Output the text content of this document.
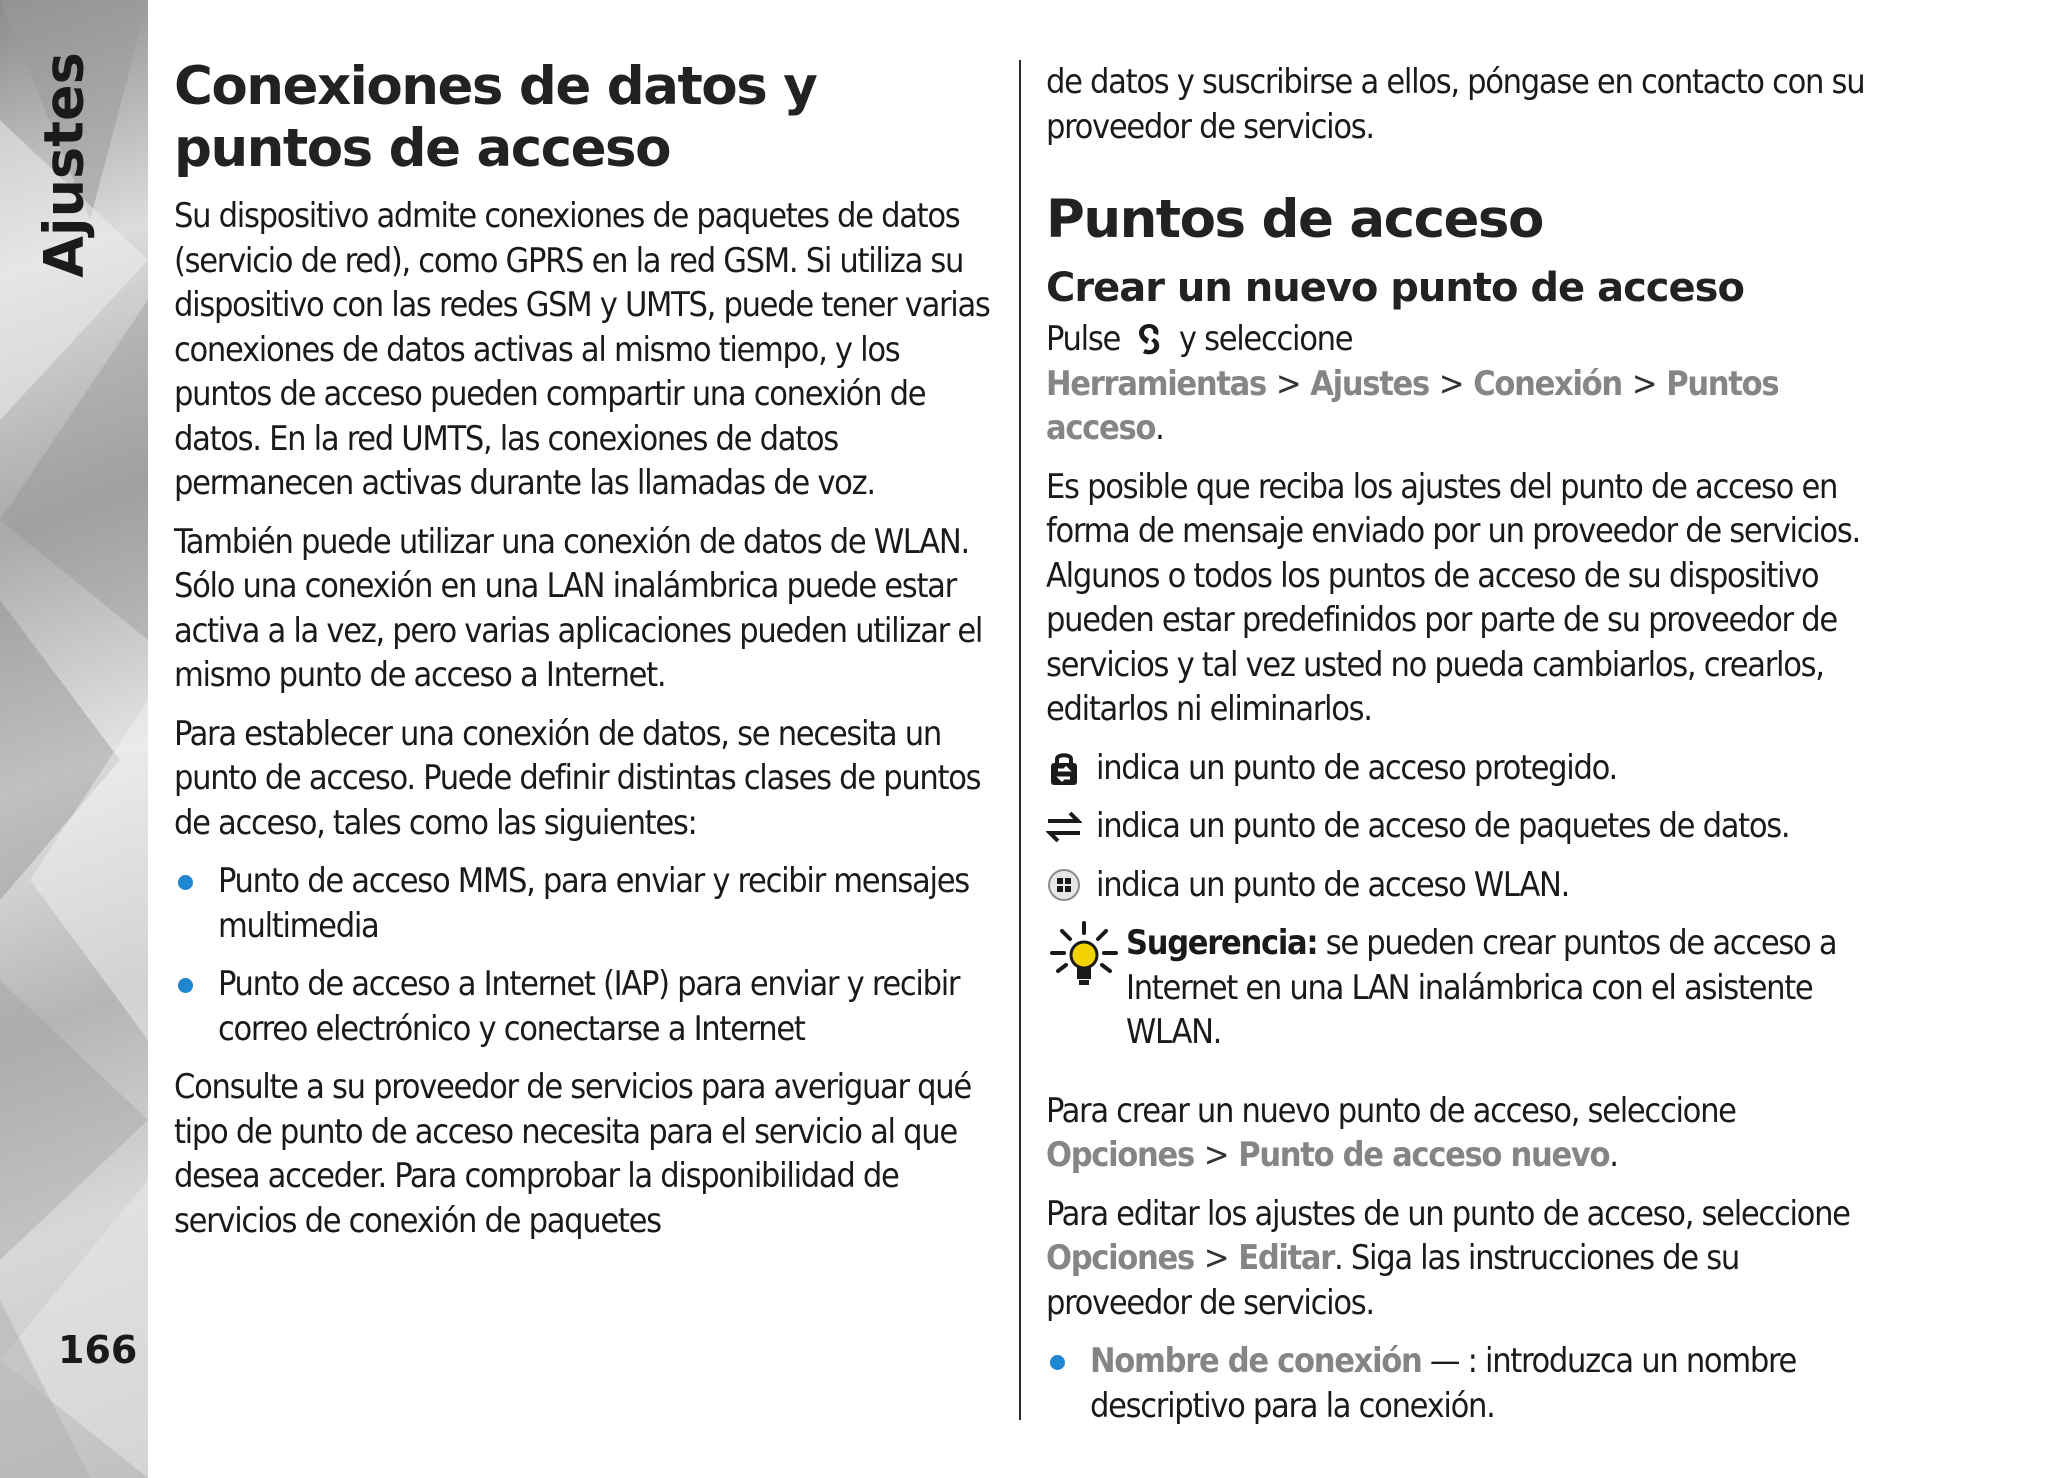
Ajustes
166
Conexiones de datos y puntos de acceso

Su dispositivo admite conexiones de paquetes de datos (servicio de red), como GPRS en la red GSM. Si utiliza su dispositivo con las redes GSM y UMTS, puede tener varias conexiones de datos activas al mismo tiempo, y los puntos de acceso pueden compartir una conexión de datos. En la red UMTS, las conexiones de datos permanecen activas durante las llamadas de voz.

También puede utilizar una conexión de datos de WLAN. Sólo una conexión en una LAN inalámbrica puede estar activa a la vez, pero varias aplicaciones pueden utilizar el mismo punto de acceso a Internet.

Para establecer una conexión de datos, se necesita un punto de acceso. Puede definir distintas clases de puntos de acceso, tales como las siguientes:

Punto de acceso MMS, para enviar y recibir mensajes multimedia
Punto de acceso a Internet (IAP) para enviar y recibir correo electrónico y conectarse a Internet

Consulte a su proveedor de servicios para averiguar qué tipo de punto de acceso necesita para el servicio al que desea acceder. Para comprobar la disponibilidad de servicios de conexión de paquetes

de datos y suscribirse a ellos, póngase en contacto con su proveedor de servicios.

Puntos de acceso
Crear un nuevo punto de acceso

Pulse y seleccione Herramientas > Ajustes > Conexión > Puntos acceso.

Es posible que reciba los ajustes del punto de acceso en forma de mensaje enviado por un proveedor de servicios. Algunos o todos los puntos de acceso de su dispositivo pueden estar predefinidos por parte de su proveedor de servicios y tal vez usted no pueda cambiarlos, crearlos, editarlos ni eliminarlos.

indica un punto de acceso protegido.
indica un punto de acceso de paquetes de datos.
indica un punto de acceso WLAN.

Sugerencia: se pueden crear puntos de acceso a Internet en una LAN inalámbrica con el asistente WLAN.

Para crear un nuevo punto de acceso, seleccione Opciones > Punto de acceso nuevo.

Para editar los ajustes de un punto de acceso, seleccione Opciones > Editar. Siga las instrucciones de su proveedor de servicios.

Nombre de conexión — : introduzca un nombre descriptivo para la conexión.
